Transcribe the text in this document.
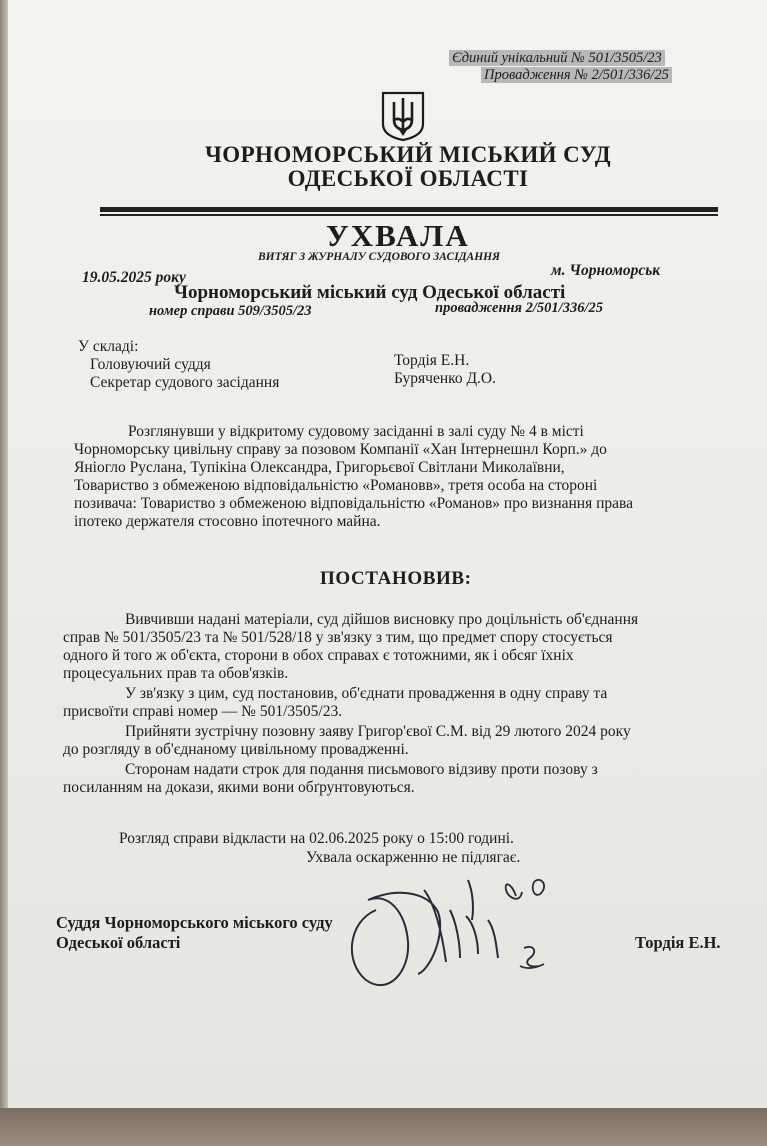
Єдиний унікальний № 501/3505/23
Провадження № 2/501/336/25
ЧОРНОМОРСЬКИЙ МІСЬКИЙ СУД
ОДЕСЬКОЇ ОБЛАСТІ
УХВАЛА
ВИТЯГ З ЖУРНАЛУ СУДОВОГО ЗАСІДАННЯ
19.05.2025 року	м. Чорноморськ
Чорноморський міський суд Одеської області
номер справи 509/3505/23	провадження 2/501/336/25
У складі:
Головуючий суддя	Тордія Е.Н.
Секретар судового засідання	Буряченко Д.О.
Розглянувши у відкритому судовому засіданні в залі суду № 4 в місті
Чорноморську цивільну справу за позовом Компанії «Хан Інтернешнл Корп.» до
Яніогло Руслана, Тупікіна Олександра, Григорьєвої Світлани Миколаївни,
Товариство з обмеженою відповідальністю «Романовв», третя особа на стороні
позивача: Товариство з обмеженою відповідальністю «Романов» про визнання права
іпотеко держателя стосовно іпотечного майна.
ПОСТАНОВИВ:
Вивчивши надані матеріали, суд дійшов висновку про доцільність об'єднання
справ № 501/3505/23 та № 501/528/18 у зв'язку з тим, що предмет спору стосується
одного й того ж об'єкта, сторони в обох справах є тотожними, як і обсяг їхніх
процесуальних прав та обов'язків.
У зв'язку з цим, суд постановив, об'єднати провадження в одну справу та
присвоїти справі номер — № 501/3505/23.
Прийняти зустрічну позовну заяву Григор'євої С.М. від 29 лютого 2024 року
до розгляду в об'єднаному цивільному провадженні.
Сторонам надати строк для подання письмового відзиву проти позову з
посиланням на докази, якими вони обґрунтовуються.
Розгляд справи відкласти на 02.06.2025 року о 15:00 годині.
Ухвала оскарженню не підлягає.
Суддя Чорноморського міського суду
Одеської області	Тордія Е.Н.
